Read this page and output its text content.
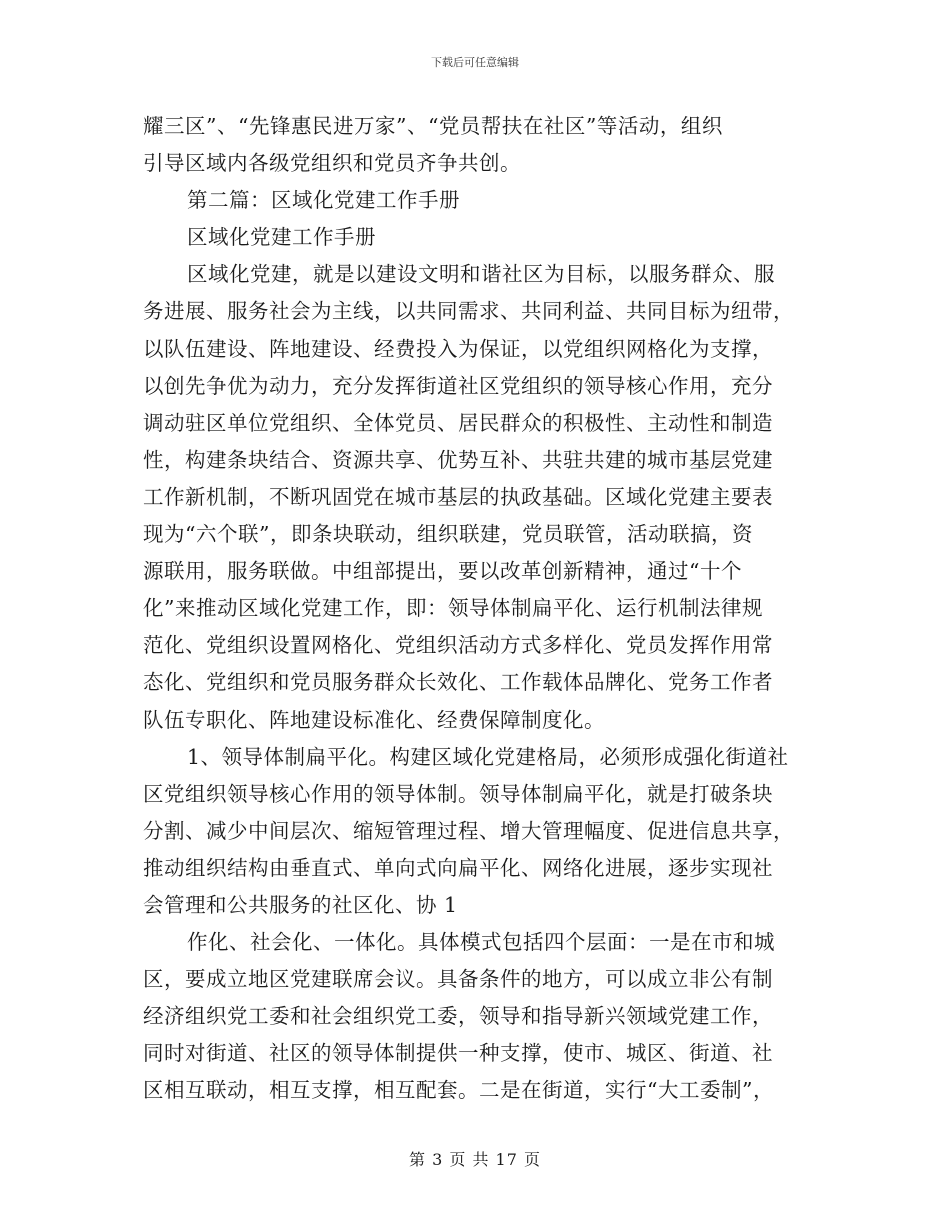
下载后可任意编辑
耀三区”、“先锋惠民进万家”、“党员帮扶在社区”等活动，组织
引导区域内各级党组织和党员齐争共创。
第二篇：区域化党建工作手册
区域化党建工作手册
区域化党建，就是以建设文明和谐社区为目标，以服务群众、服
务进展、服务社会为主线，以共同需求、共同利益、共同目标为纽带，
以队伍建设、阵地建设、经费投入为保证，以党组织网格化为支撑，
以创先争优为动力，充分发挥街道社区党组织的领导核心作用，充分
调动驻区单位党组织、全体党员、居民群众的积极性、主动性和制造
性，构建条块结合、资源共享、优势互补、共驻共建的城市基层党建
工作新机制，不断巩固党在城市基层的执政基础。区域化党建主要表
现为“六个联”，即条块联动，组织联建，党员联管，活动联搞，资
源联用，服务联做。中组部提出，要以改革创新精神，通过“十个
化”来推动区域化党建工作，即：领导体制扁平化、运行机制法律规
范化、党组织设置网格化、党组织活动方式多样化、党员发挥作用常
态化、党组织和党员服务群众长效化、工作载体品牌化、党务工作者
队伍专职化、阵地建设标准化、经费保障制度化。
1、领导体制扁平化。构建区域化党建格局，必须形成强化街道社
区党组织领导核心作用的领导体制。领导体制扁平化，就是打破条块
分割、减少中间层次、缩短管理过程、增大管理幅度、促进信息共享，
推动组织结构由垂直式、单向式向扁平化、网络化进展，逐步实现社
会管理和公共服务的社区化、协 1
作化、社会化、一体化。具体模式包括四个层面：一是在市和城
区，要成立地区党建联席会议。具备条件的地方，可以成立非公有制
经济组织党工委和社会组织党工委，领导和指导新兴领域党建工作，
同时对街道、社区的领导体制提供一种支撑，使市、城区、街道、社
区相互联动，相互支撑，相互配套。二是在街道，实行“大工委制”，
第 3 页 共 17 页
